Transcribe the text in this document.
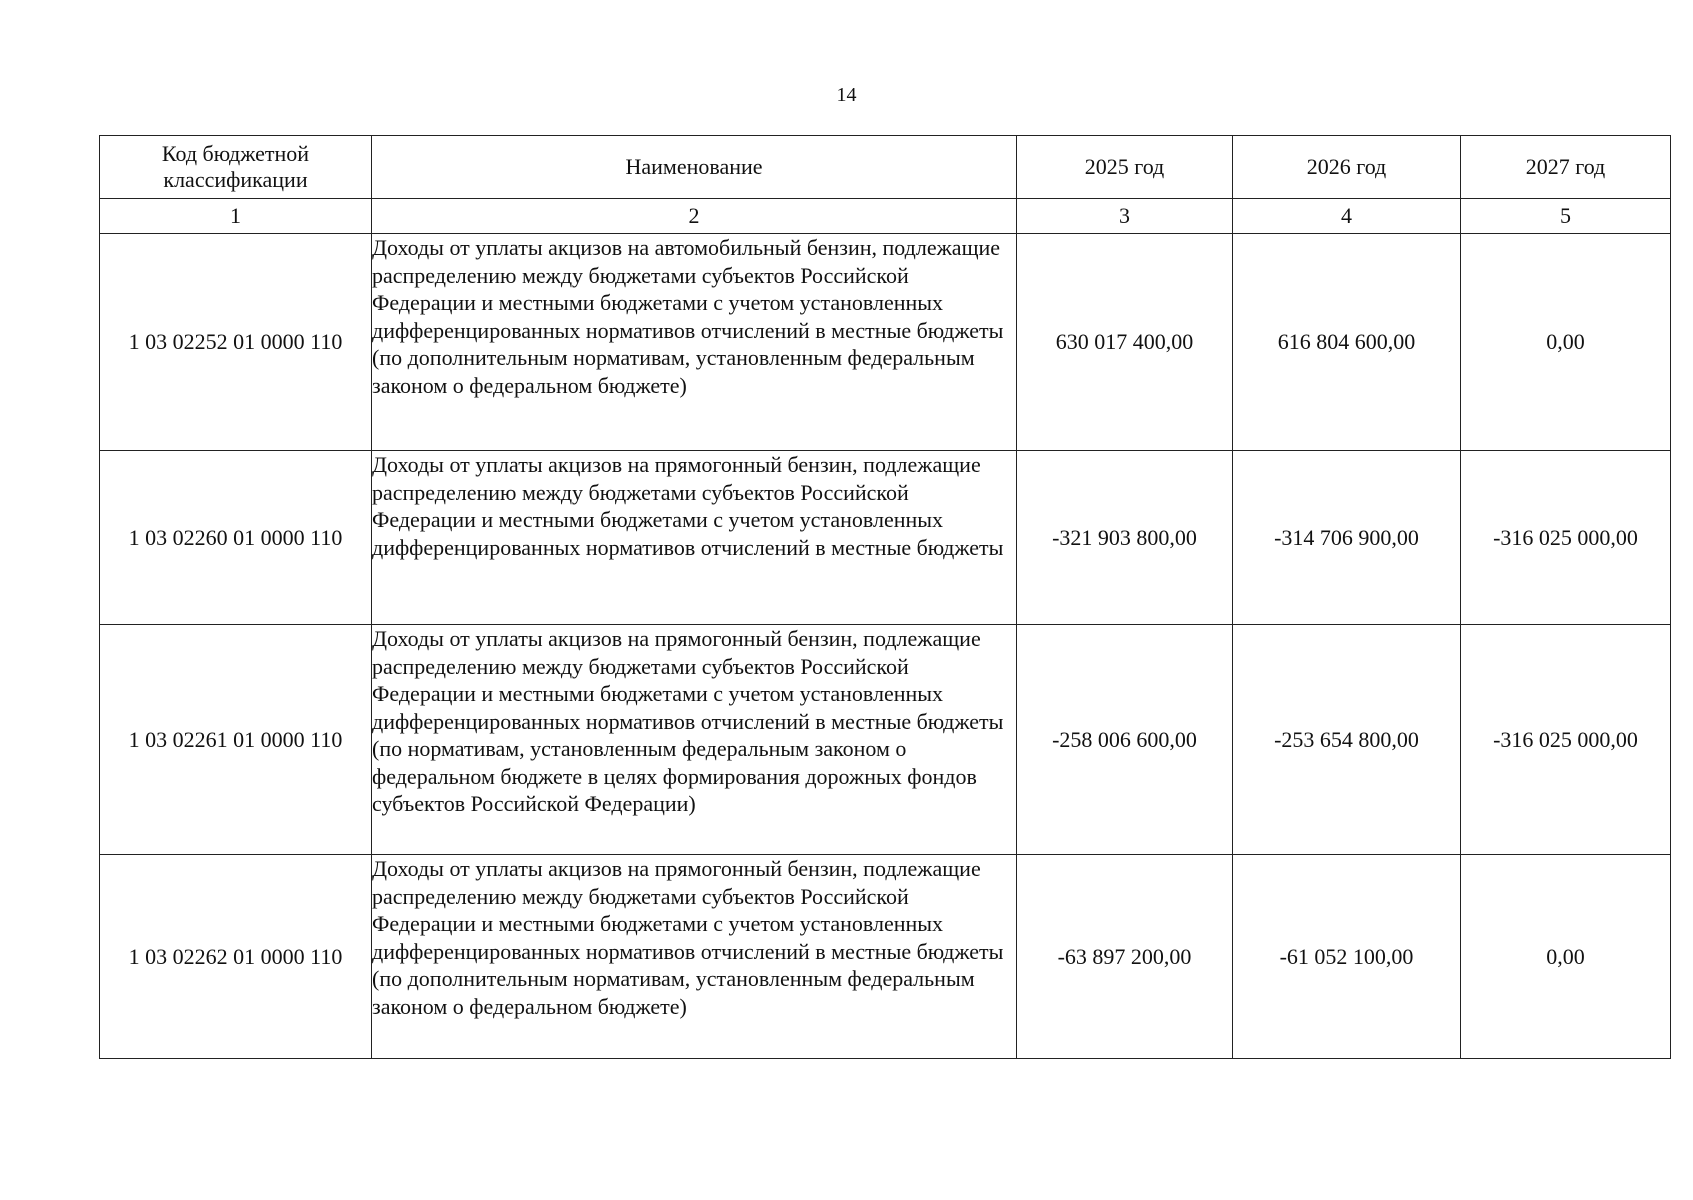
14
Код бюджетной классификации	Наименование	2025 год	2026 год	2027 год
1	2	3	4	5
1 03 02252 01 0000 110	Доходы от уплаты акцизов на автомобильный бензин, подлежащие распределению между бюджетами субъектов Российской Федерации и местными бюджетами с учетом установленных дифференцированных нормативов отчислений в местные бюджеты (по дополнительным нормативам, установленным федеральным законом о федеральном бюджете)	630 017 400,00	616 804 600,00	0,00
1 03 02260 01 0000 110	Доходы от уплаты акцизов на прямогонный бензин, подлежащие распределению между бюджетами субъектов Российской Федерации и местными бюджетами с учетом установленных дифференцированных нормативов отчислений в местные бюджеты	-321 903 800,00	-314 706 900,00	-316 025 000,00
1 03 02261 01 0000 110	Доходы от уплаты акцизов на прямогонный бензин, подлежащие распределению между бюджетами субъектов Российской Федерации и местными бюджетами с учетом установленных дифференцированных нормативов отчислений в местные бюджеты (по нормативам, установленным федеральным законом о федеральном бюджете в целях формирования дорожных фондов субъектов Российской Федерации)	-258 006 600,00	-253 654 800,00	-316 025 000,00
1 03 02262 01 0000 110	Доходы от уплаты акцизов на прямогонный бензин, подлежащие распределению между бюджетами субъектов Российской Федерации и местными бюджетами с учетом установленных дифференцированных нормативов отчислений в местные бюджеты (по дополнительным нормативам, установленным федеральным законом о федеральном бюджете)	-63 897 200,00	-61 052 100,00	0,00
